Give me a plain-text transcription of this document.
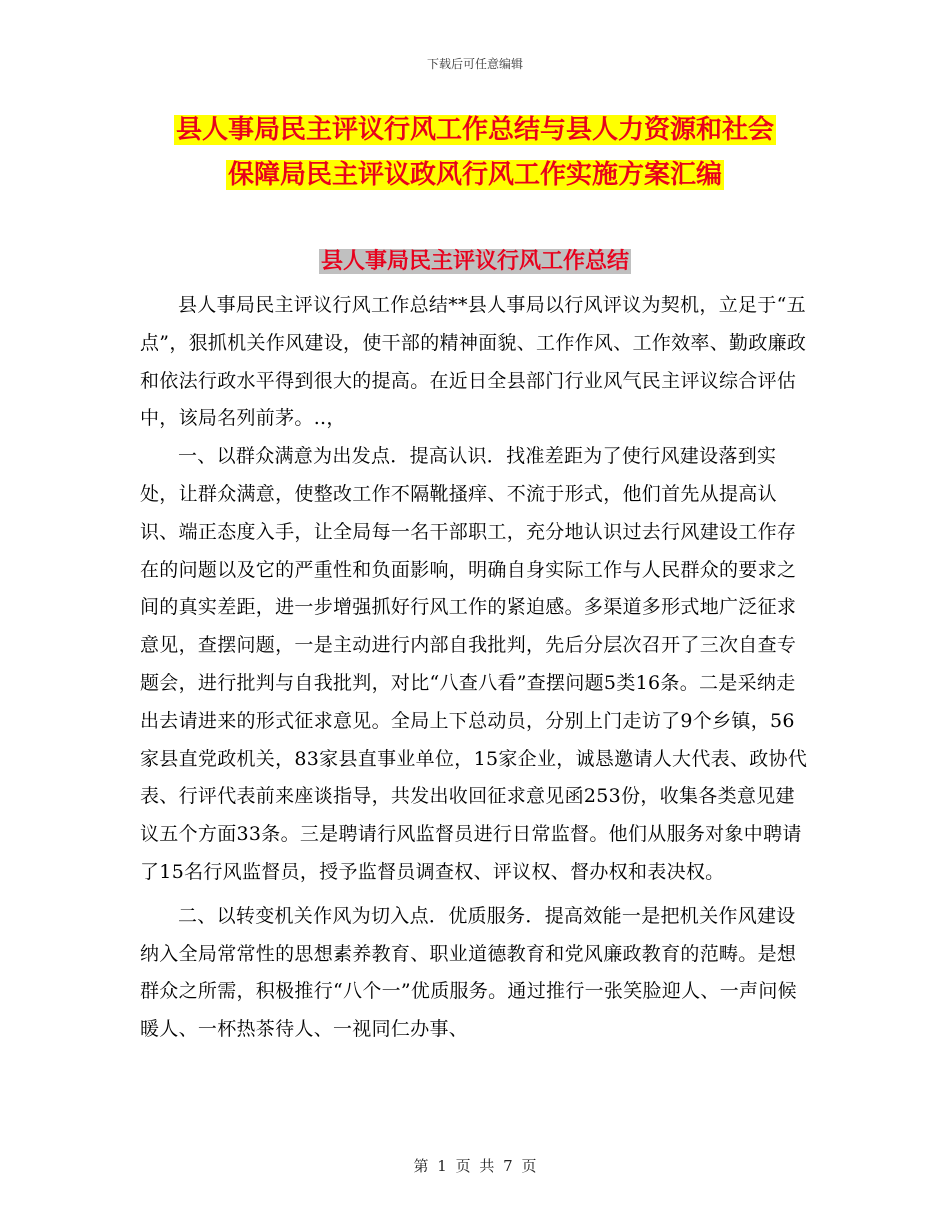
下载后可任意编辑
县人事局民主评议行风工作总结与县人力资源和社会
保障局民主评议政风行风工作实施方案汇编
县人事局民主评议行风工作总结

县人事局民主评议行风工作总结**县人事局以行风评议为契机，立足于“五点”，狠抓机关作风建设，使干部的精神面貌、工作作风、工作效率、勤政廉政和依法行政水平得到很大的提高。在近日全县部门行业风气民主评议综合评估中，该局名列前茅。..，

一、以群众满意为出发点．提高认识．找准差距为了使行风建设落到实处，让群众满意，使整改工作不隔靴搔痒、不流于形式，他们首先从提高认识、端正态度入手，让全局每一名干部职工，充分地认识过去行风建设工作存在的问题以及它的严重性和负面影响，明确自身实际工作与人民群众的要求之间的真实差距，进一步增强抓好行风工作的紧迫感。多渠道多形式地广泛征求意见，查摆问题，一是主动进行内部自我批判，先后分层次召开了三次自查专题会，进行批判与自我批判，对比“八查八看”查摆问题5类16条。二是采纳走出去请进来的形式征求意见。全局上下总动员，分别上门走访了9个乡镇，56家县直党政机关，83家县直事业单位，15家企业，诚恳邀请人大代表、政协代表、行评代表前来座谈指导，共发出收回征求意见函253份，收集各类意见建议五个方面33条。三是聘请行风监督员进行日常监督。他们从服务对象中聘请了15名行风监督员，授予监督员调查权、评议权、督办权和表决权。

二、以转变机关作风为切入点．优质服务．提高效能一是把机关作风建设纳入全局常常性的思想素养教育、职业道德教育和党风廉政教育的范畴。是想群众之所需，积极推行“八个一”优质服务。通过推行一张笑脸迎人、一声问候暖人、一杯热茶待人、一视同仁办事、

第 1 页 共 7 页
